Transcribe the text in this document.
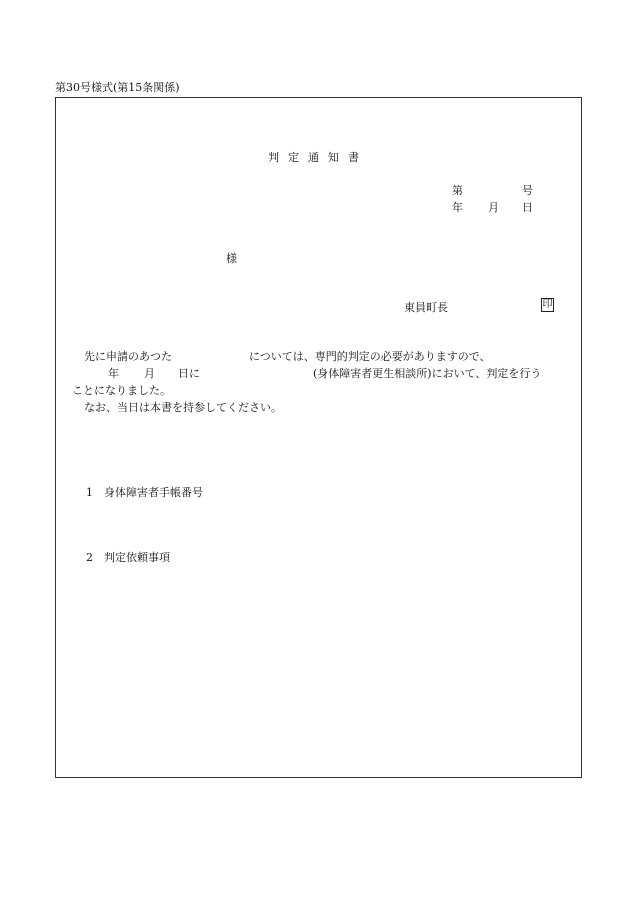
第30号様式(第15条関係)
判定通知書
第	号
年 月 日
様
東員町長	印
先に申請のあつた	については、専門的判定の必要がありますので、
年 月 日に	(身体障害者更生相談所)において、判定を行う
ことになりました。
なお、当日は本書を持参してください。
1 身体障害者手帳番号
2 判定依頼事項
